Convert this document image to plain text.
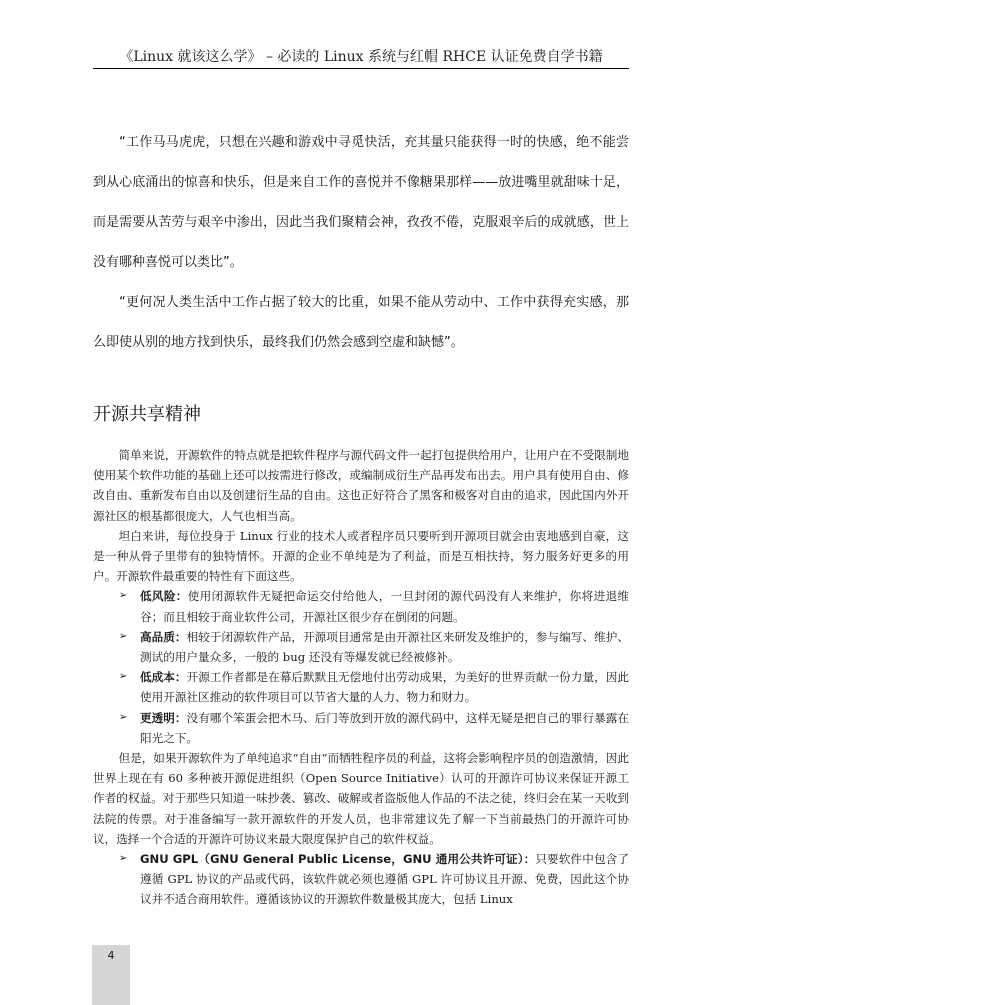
《Linux 就该这么学》 – 必读的 Linux 系统与红帽 RHCE 认证免费自学书籍

“工作马马虎虎，只想在兴趣和游戏中寻觅快活，充其量只能获得一时的快感，绝不能尝到从心底涌出的惊喜和快乐，但是来自工作的喜悦并不像糖果那样——放进嘴里就甜味十足，而是需要从苦劳与艰辛中渗出，因此当我们聚精会神，孜孜不倦，克服艰辛后的成就感，世上没有哪种喜悦可以类比”。

“更何况人类生活中工作占据了较大的比重，如果不能从劳动中、工作中获得充实感，那么即使从别的地方找到快乐，最终我们仍然会感到空虚和缺憾”。

开源共享精神

简单来说，开源软件的特点就是把软件程序与源代码文件一起打包提供给用户，让用户在不受限制地使用某个软件功能的基础上还可以按需进行修改，或编制成衍生产品再发布出去。用户具有使用自由、修改自由、重新发布自由以及创建衍生品的自由。这也正好符合了黑客和极客对自由的追求，因此国内外开源社区的根基都很庞大，人气也相当高。

坦白来讲，每位投身于 Linux 行业的技术人或者程序员只要听到开源项目就会由衷地感到自豪，这是一种从骨子里带有的独特情怀。开源的企业不单纯是为了利益，而是互相扶持，努力服务好更多的用户。开源软件最重要的特性有下面这些。

➢ 低风险：使用闭源软件无疑把命运交付给他人，一旦封闭的源代码没有人来维护，你将进退维谷；而且相较于商业软件公司，开源社区很少存在倒闭的问题。
➢ 高品质：相较于闭源软件产品，开源项目通常是由开源社区来研发及维护的，参与编写、维护、测试的用户量众多，一般的 bug 还没有等爆发就已经被修补。
➢ 低成本：开源工作者都是在幕后默默且无偿地付出劳动成果，为美好的世界贡献一份力量，因此使用开源社区推动的软件项目可以节省大量的人力、物力和财力。
➢ 更透明：没有哪个笨蛋会把木马、后门等放到开放的源代码中，这样无疑是把自己的罪行暴露在阳光之下。

但是，如果开源软件为了单纯追求“自由”而牺牲程序员的利益，这将会影响程序员的创造激情，因此世界上现在有 60 多种被开源促进组织（Open Source Initiative）认可的开源许可协议来保证开源工作者的权益。对于那些只知道一味抄袭、篡改、破解或者盗版他人作品的不法之徒，终归会在某一天收到法院的传票。对于准备编写一款开源软件的开发人员，也非常建议先了解一下当前最热门的开源许可协议，选择一个合适的开源许可协议来最大限度保护自己的软件权益。

➢ GNU GPL（GNU General Public License，GNU 通用公共许可证）：只要软件中包含了遵循 GPL 协议的产品或代码，该软件就必须也遵循 GPL 许可协议且开源、免费，因此这个协议并不适合商用软件。遵循该协议的开源软件数量极其庞大，包括 Linux
4
